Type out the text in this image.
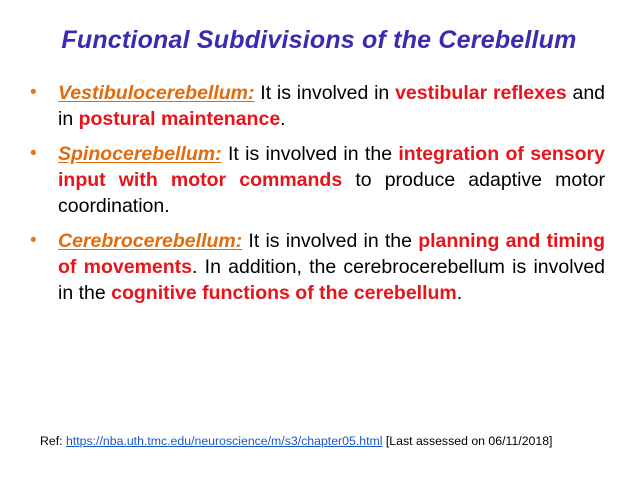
Functional Subdivisions of the Cerebellum
• Vestibulocerebellum: It is involved in vestibular reflexes and in postural maintenance.
• Spinocerebellum: It is involved in the integration of sensory input with motor commands to produce adaptive motor coordination.
• Cerebrocerebellum: It is involved in the planning and timing of movements. In addition, the cerebrocerebellum is involved in the cognitive functions of the cerebellum.
Ref: https://nba.uth.tmc.edu/neuroscience/m/s3/chapter05.html [Last assessed on 06/11/2018]
